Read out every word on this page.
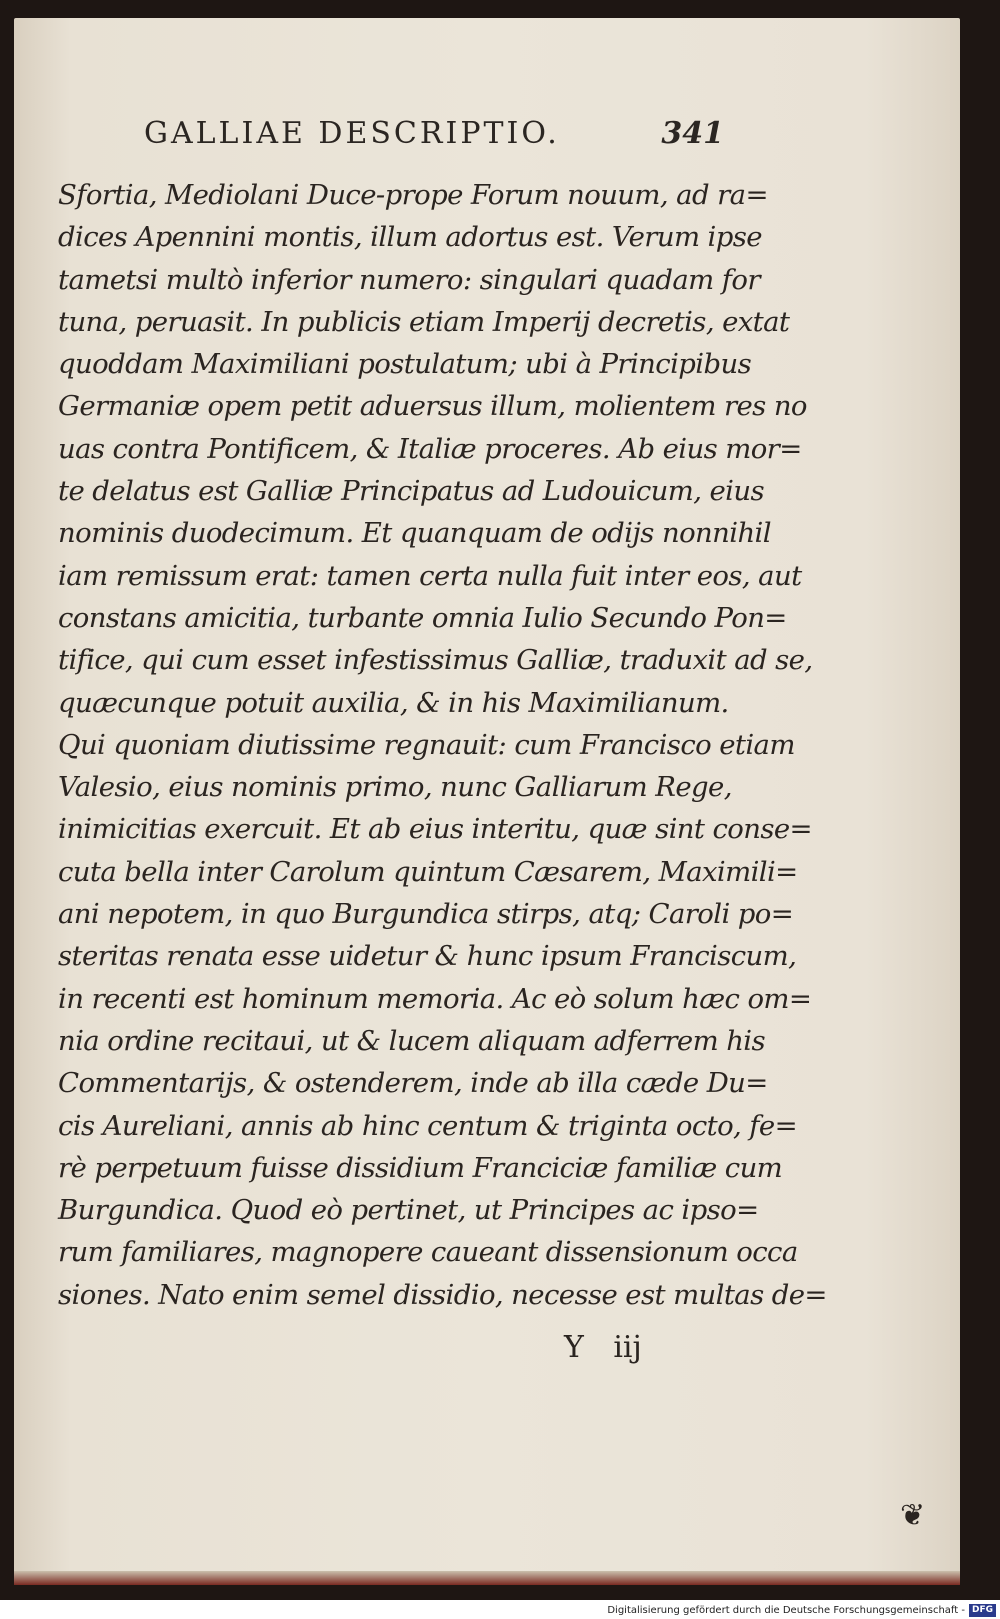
GALLIAE DESCRIPTIO.	341
Sfortia, Mediolani Duce-prope Forum nouum, ad ra=
dices Apennini montis, illum adortus est. Verum ipse
tametsi multò inferior numero: singulari quadam for
tuna, peruasit. In publicis etiam Imperij decretis, extat
quoddam Maximiliani postulatum; ubi à Principibus
Germaniæ opem petit aduersus illum, molientem res no
uas contra Pontificem, & Italiæ proceres. Ab eius mor=
te delatus est Galliæ Principatus ad Ludouicum, eius
nominis duodecimum. Et quanquam de odijs nonnihil
iam remissum erat: tamen certa nulla fuit inter eos, aut
constans amicitia, turbante omnia Iulio Secundo Pon=
tifice, qui cum esset infestissimus Galliæ, traduxit ad se,
quæcunque potuit auxilia, & in his Maximilianum.
Qui quoniam diutissime regnauit: cum Francisco etiam
Valesio, eius nominis primo, nunc Galliarum Rege,
inimicitias exercuit. Et ab eius interitu, quæ sint conse=
cuta bella inter Carolum quintum Cæsarem, Maximili=
ani nepotem, in quo Burgundica stirps, atq; Caroli po=
steritas renata esse uidetur & hunc ipsum Franciscum,
in recenti est hominum memoria. Ac eò solum hæc om=
nia ordine recitaui, ut & lucem aliquam adferrem his
Commentarijs, & ostenderem, inde ab illa cæde Du=
cis Aureliani, annis ab hinc centum & triginta octo, fe=
rè perpetuum fuisse dissidium Franciciæ familiæ cum
Burgundica. Quod eò pertinet, ut Principes ac ipso=
rum familiares, magnopere caueant dissensionum occa
siones. Nato enim semel dissidio, necesse est multas de=
Y iij
❦
Digitalisierung gefördert durch die Deutsche Forschungsgemeinschaft - DFG
